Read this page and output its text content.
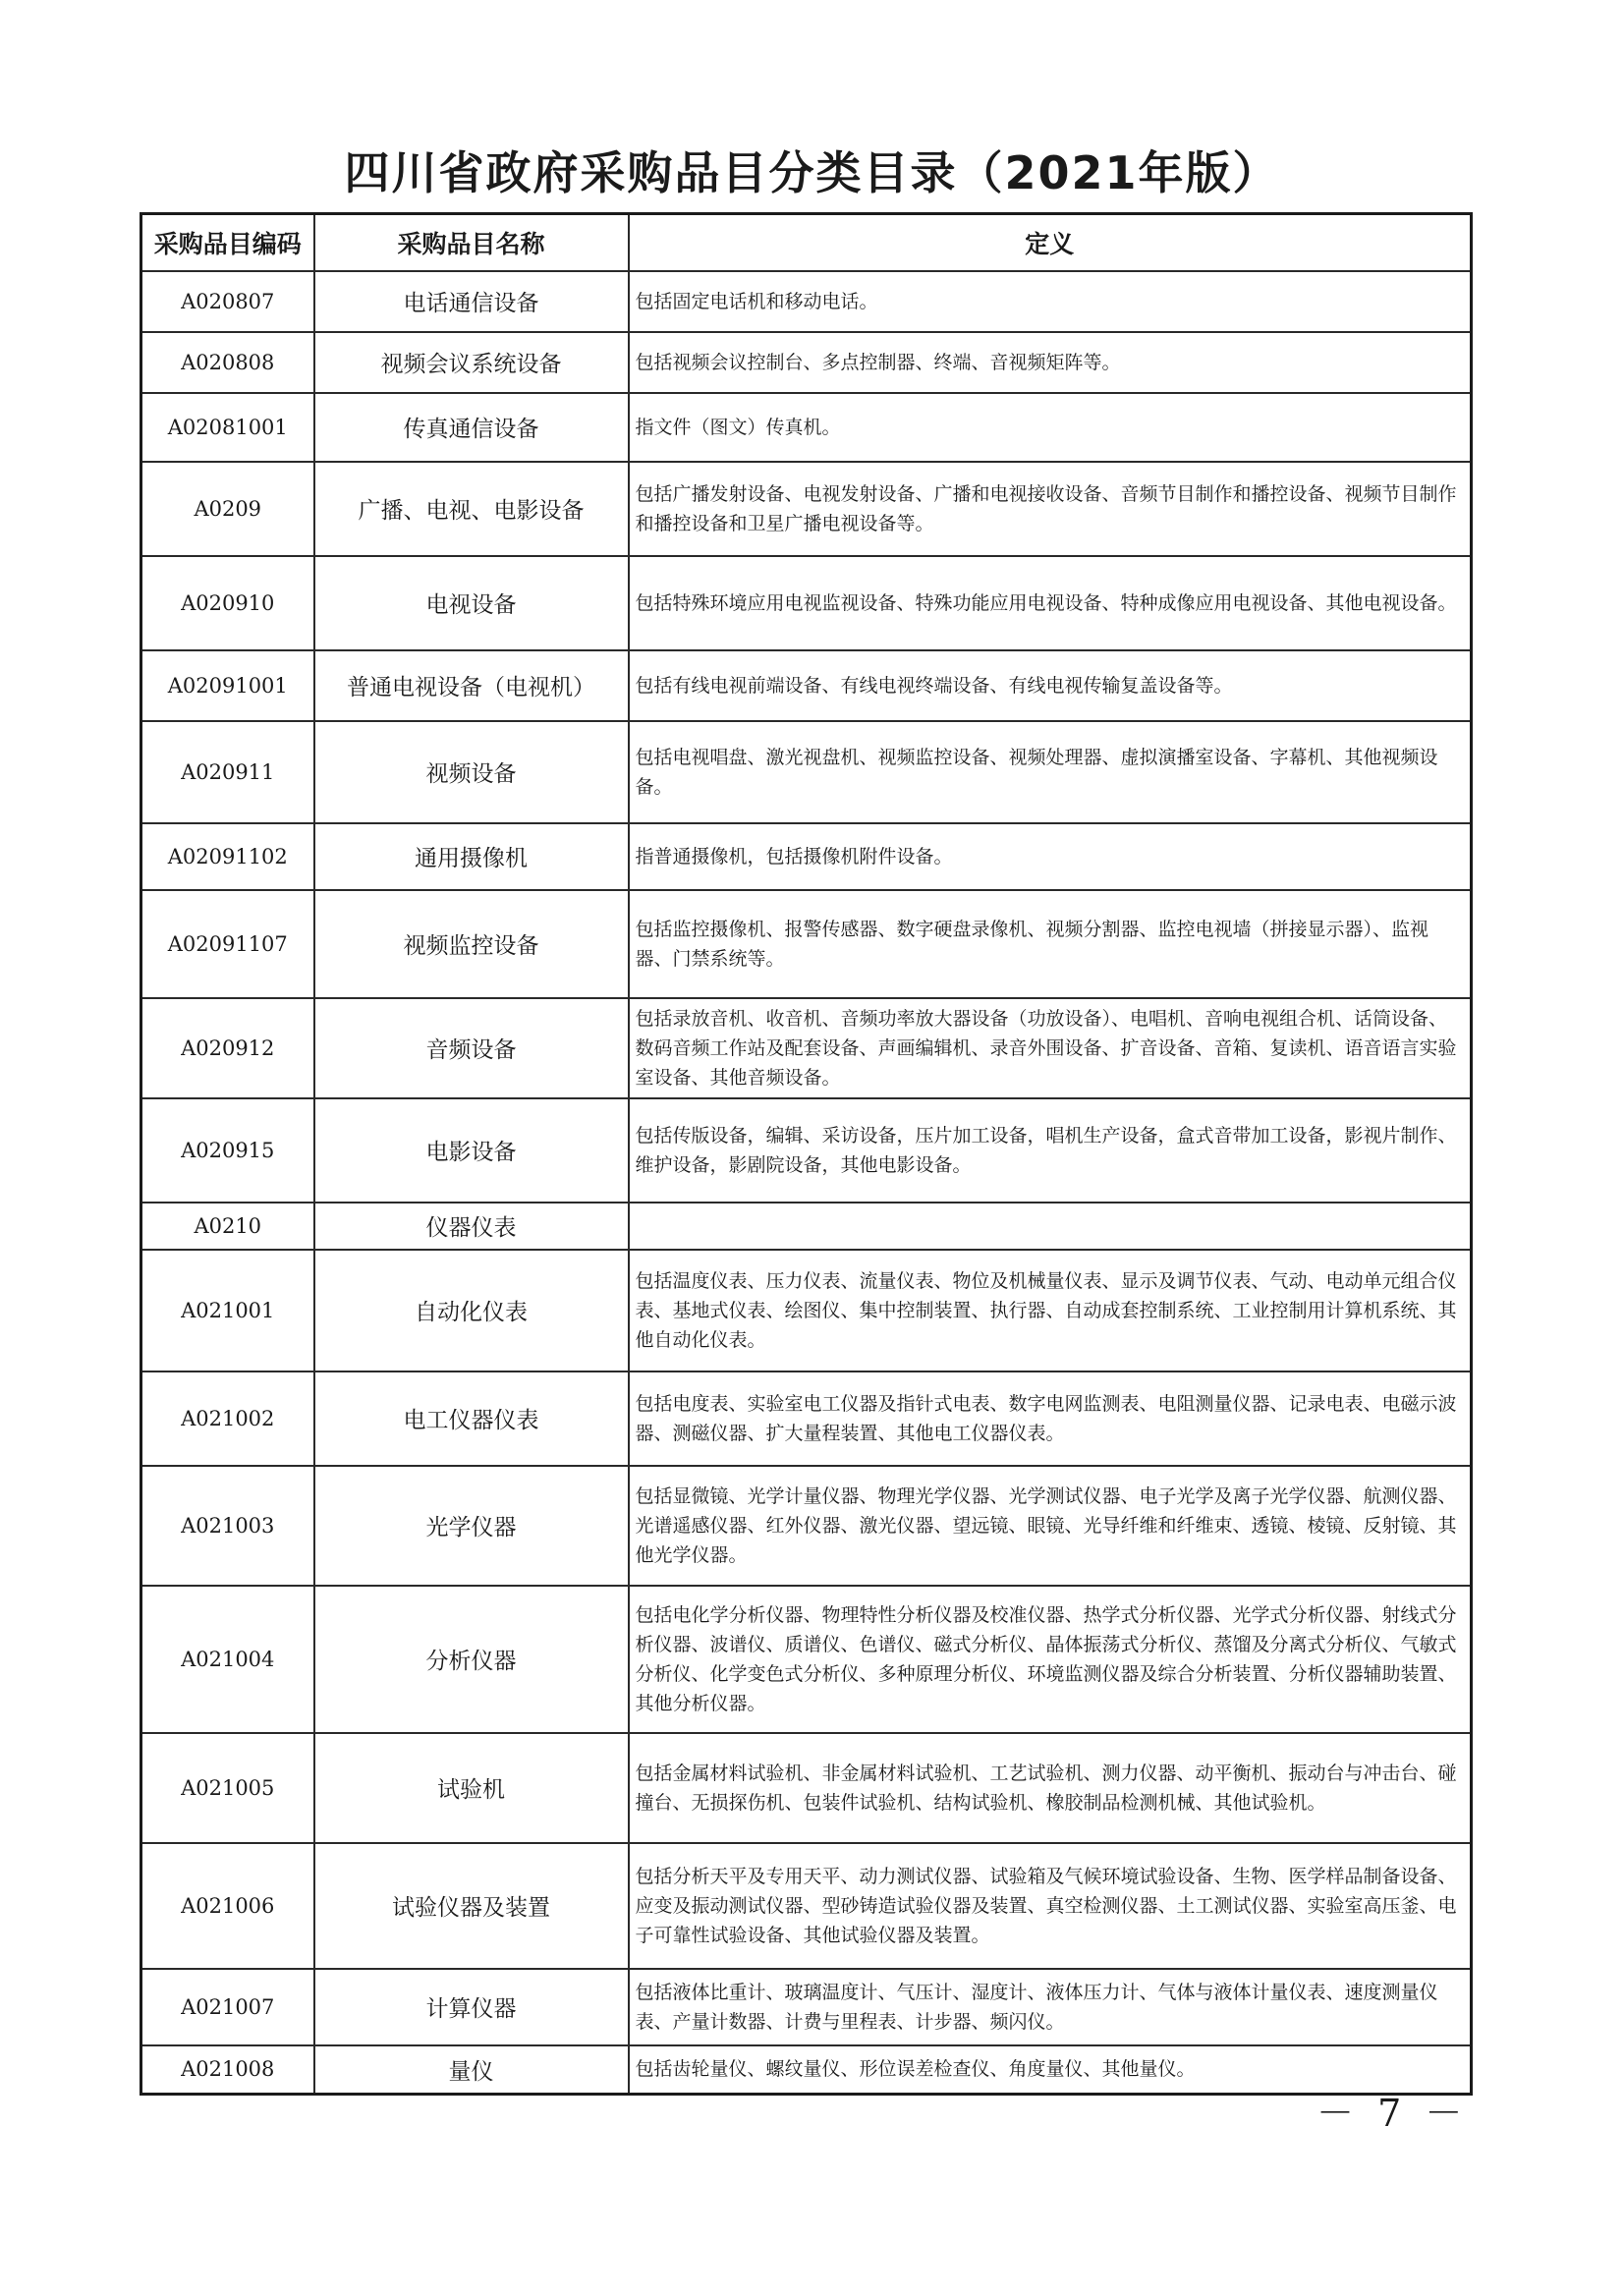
四川省政府采购品目分类目录（2021年版）
采购品目编码	采购品目名称	定义
A020807	电话通信设备	包括固定电话机和移动电话。
A020808	视频会议系统设备	包括视频会议控制台、多点控制器、终端、音视频矩阵等。
A02081001	传真通信设备	指文件（图文）传真机。
A0209	广播、电视、电影设备	包括广播发射设备、电视发射设备、广播和电视接收设备、音频节目制作和播控设备、视频节目制作和播控设备和卫星广播电视设备等。
A020910	电视设备	包括特殊环境应用电视监视设备、特殊功能应用电视设备、特种成像应用电视设备、其他电视设备。
A02091001	普通电视设备（电视机）	包括有线电视前端设备、有线电视终端设备、有线电视传输复盖设备等。
A020911	视频设备	包括电视唱盘、激光视盘机、视频监控设备、视频处理器、虚拟演播室设备、字幕机、其他视频设备。
A02091102	通用摄像机	指普通摄像机，包括摄像机附件设备。
A02091107	视频监控设备	包括监控摄像机、报警传感器、数字硬盘录像机、视频分割器、监控电视墙（拼接显示器）、监视器、门禁系统等。
A020912	音频设备	包括录放音机、收音机、音频功率放大器设备（功放设备）、电唱机、音响电视组合机、话筒设备、数码音频工作站及配套设备、声画编辑机、录音外围设备、扩音设备、音箱、复读机、语音语言实验室设备、其他音频设备。
A020915	电影设备	包括传版设备，编辑、采访设备，压片加工设备，唱机生产设备，盒式音带加工设备，影视片制作、维护设备，影剧院设备，其他电影设备。
A0210	仪器仪表	
A021001	自动化仪表	包括温度仪表、压力仪表、流量仪表、物位及机械量仪表、显示及调节仪表、气动、电动单元组合仪表、基地式仪表、绘图仪、集中控制装置、执行器、自动成套控制系统、工业控制用计算机系统、其他自动化仪表。
A021002	电工仪器仪表	包括电度表、实验室电工仪器及指针式电表、数字电网监测表、电阻测量仪器、记录电表、电磁示波器、测磁仪器、扩大量程装置、其他电工仪器仪表。
A021003	光学仪器	包括显微镜、光学计量仪器、物理光学仪器、光学测试仪器、电子光学及离子光学仪器、航测仪器、光谱遥感仪器、红外仪器、激光仪器、望远镜、眼镜、光导纤维和纤维束、透镜、棱镜、反射镜、其他光学仪器。
A021004	分析仪器	包括电化学分析仪器、物理特性分析仪器及校准仪器、热学式分析仪器、光学式分析仪器、射线式分析仪器、波谱仪、质谱仪、色谱仪、磁式分析仪、晶体振荡式分析仪、蒸馏及分离式分析仪、气敏式分析仪、化学变色式分析仪、多种原理分析仪、环境监测仪器及综合分析装置、分析仪器辅助装置、其他分析仪器。
A021005	试验机	包括金属材料试验机、非金属材料试验机、工艺试验机、测力仪器、动平衡机、振动台与冲击台、碰撞台、无损探伤机、包装件试验机、结构试验机、橡胶制品检测机械、其他试验机。
A021006	试验仪器及装置	包括分析天平及专用天平、动力测试仪器、试验箱及气候环境试验设备、生物、医学样品制备设备、应变及振动测试仪器、型砂铸造试验仪器及装置、真空检测仪器、土工测试仪器、实验室高压釜、电子可靠性试验设备、其他试验仪器及装置。
A021007	计算仪器	包括液体比重计、玻璃温度计、气压计、湿度计、液体压力计、气体与液体计量仪表、速度测量仪表、产量计数器、计费与里程表、计步器、频闪仪。
A021008	量仪	包括齿轮量仪、螺纹量仪、形位误差检查仪、角度量仪、其他量仪。
－ 7 －
